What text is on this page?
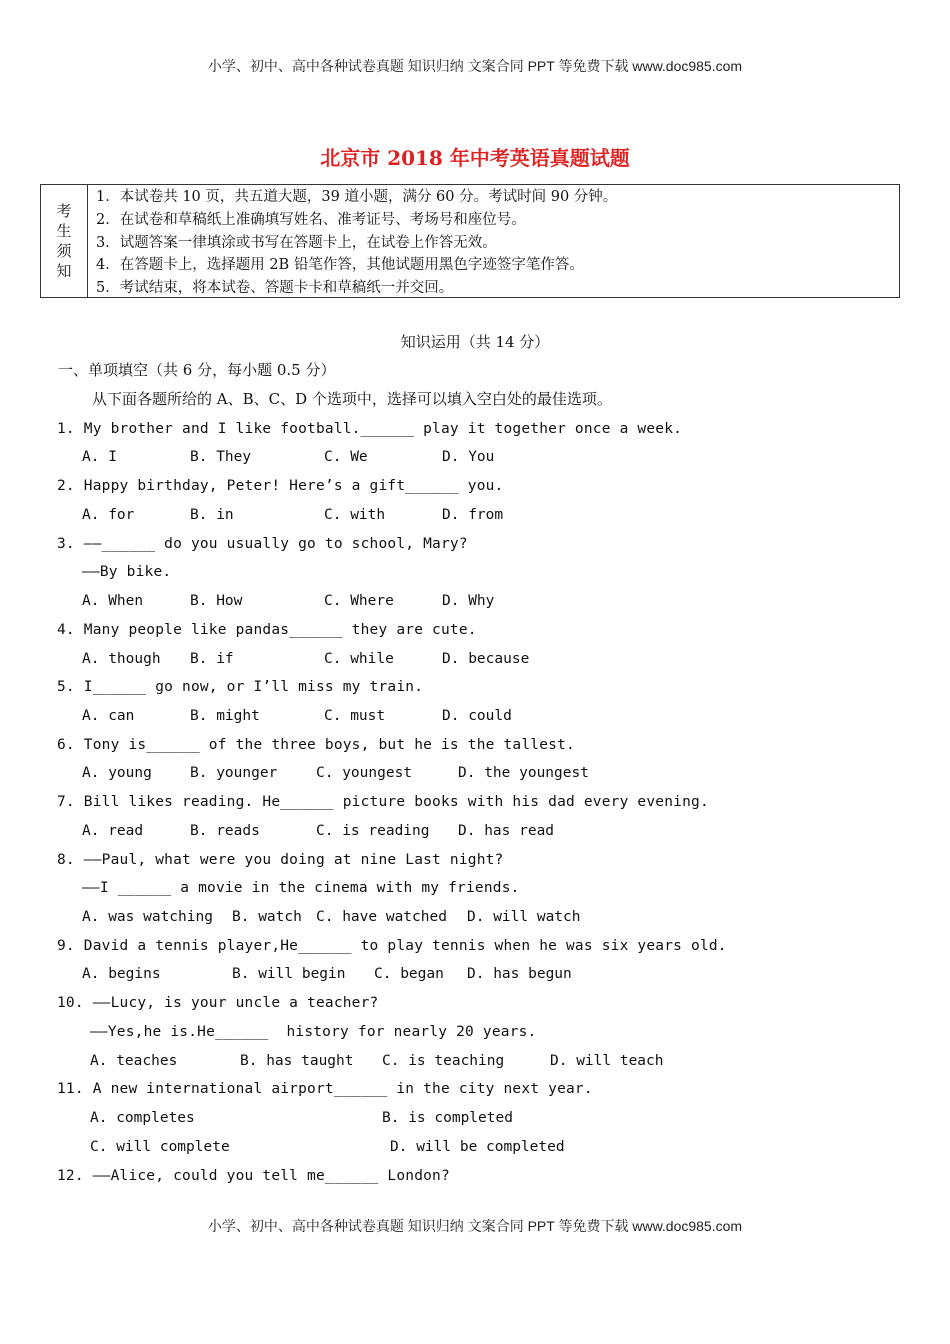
小学、初中、高中各种试卷真题 知识归纳 文案合同 PPT 等免费下载 www.doc985.com
北京市 2018 年中考英语真题试题
考
生
须
知
1．本试卷共 10 页，共五道大题，39 道小题，满分 60 分。考试时间 90 分钟。
2．在试卷和草稿纸上准确填写姓名、准考证号、考场号和座位号。
3．试题答案一律填涂或书写在答题卡上，在试卷上作答无效。
4．在答题卡上，选择题用 2B 铅笔作答，其他试题用黑色字迹签字笔作答。
5．考试结束，将本试卷、答题卡卡和草稿纸一并交回。
知识运用（共 14 分）
一、单项填空（共 6 分，每小题 0.5 分）
从下面各题所给的 A、B、C、D 个选项中，选择可以填入空白处的最佳选项。
1. My brother and I like football.______ play it together once a week.
A. I	B. They	C. We	D. You
2. Happy birthday, Peter! Here’s a gift______ you.
A. for	B. in	C. with	D. from
3. ——______ do you usually go to school, Mary?
——By bike.
A. When	B. How	C. Where	D. Why
4. Many people like pandas______ they are cute.
A. though B. if	C. while	D. because
5. I______ go now, or I’ll miss my train.
A. can	B. might	C. must	D. could
6. Tony is______ of the three boys, but he is the tallest.
A. young	B. younger	C. youngest	D. the youngest
7. Bill likes reading. He______ picture books with his dad every evening.
A. read	B. reads	C. is reading D. has read
8. ——Paul, what were you doing at nine Last night?
——I ______ a movie in the cinema with my friends.
A. was watching B. watch C. have watched D. will watch
9. David a tennis player,He______ to play tennis when he was six years old.
A. begins	B. will begin C. began D. has begun
10. ——Lucy, is your uncle a teacher?
——Yes,he is.He______  history for nearly 20 years.
A. teaches	B. has taught C. is teaching	D. will teach
11. A new international airport______ in the city next year.
A. completes	B. is completed
C. will complete	D. will be completed
12. ——Alice, could you tell me______ London?
小学、初中、高中各种试卷真题 知识归纳 文案合同 PPT 等免费下载 www.doc985.com
